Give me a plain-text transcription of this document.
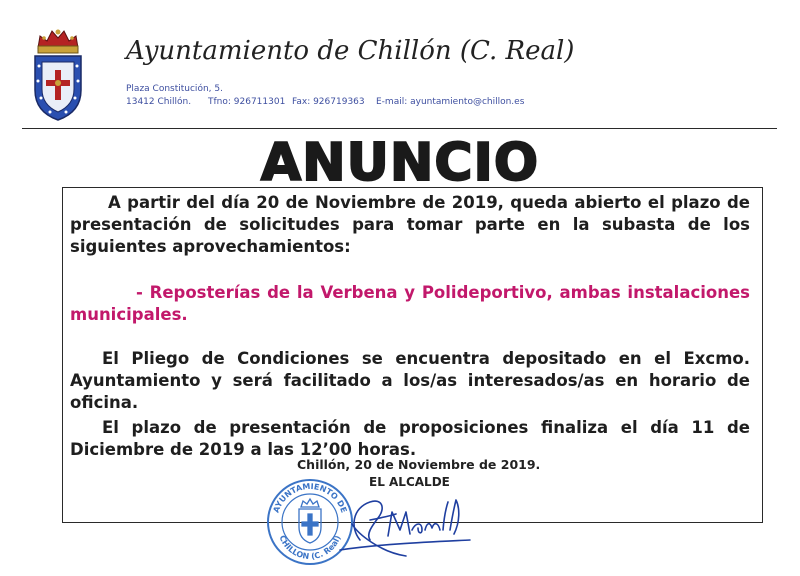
Ayuntamiento de Chillón (C. Real)
Plaza Constitución, 5.
13412 Chillón. Tfno: 926711301 Fax: 926719363 E-mail: ayuntamiento@chillon.es
ANUNCIO
A partir del día 20 de Noviembre de 2019, queda abierto el plazo de presentación de solicitudes para tomar parte en la subasta de los siguientes aprovechamientos:
- Reposterías de la Verbena y Polideportivo, ambas instalaciones municipales.
El Pliego de Condiciones se encuentra depositado en el Excmo. Ayuntamiento y será facilitado a los/as interesados/as en horario de oficina.
El plazo de presentación de proposiciones finaliza el día 11 de Diciembre de 2019 a las 12’00 horas.
Chillón, 20 de Noviembre de 2019.
EL ALCALDE
AYUNTAMIENTO DE
CHILLON (C. Real)
